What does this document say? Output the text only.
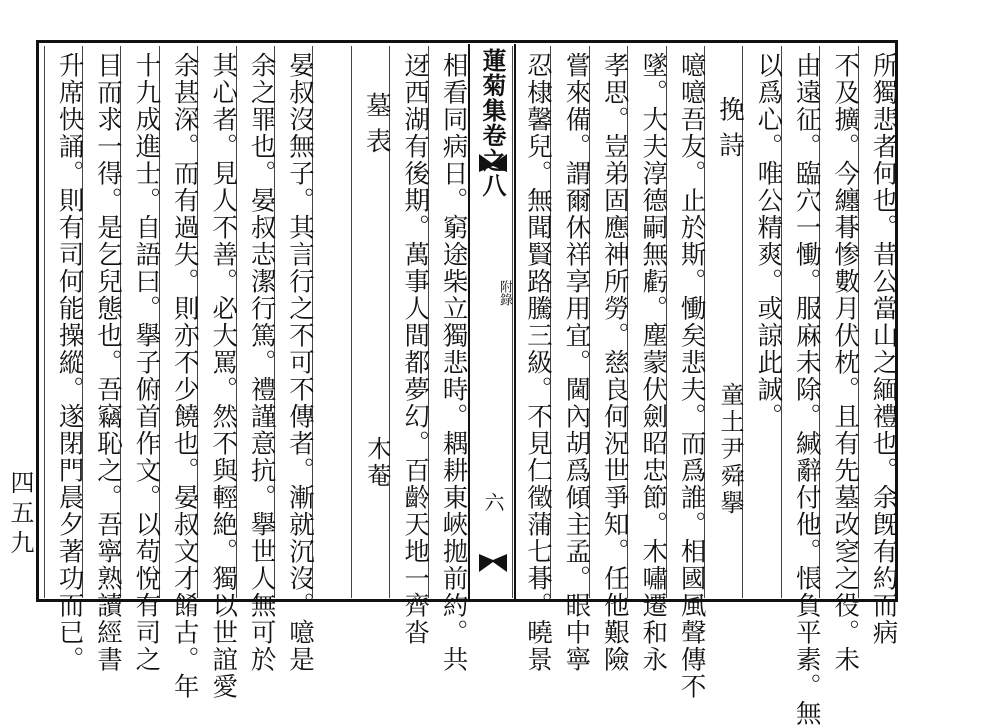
所獨悲者何也。昔公當山之緬禮也。余旣有約而病
不及擴。今纏朞惨數月伏枕。且有先墓改窆之役。未
由遠征。臨穴一慟。服麻未除。緘辭付他。悵負平素。無
以爲心。唯公精爽。或諒此誠。
噫噫吾友。止於斯。慟矣悲夫。而爲誰。相國風聲傳不
墜。大夫淳德嗣無虧。塵蒙伏劍昭忠節。木嘯遷和永
孝思。豈弟固應神所勞。慈良何況世爭知。任他艱險
嘗來備。謂爾休祥享用宜。閫內胡爲傾主孟。眼中寧
忍棣馨兒。無聞賢路騰三級。不見仁徵蒲七朞。曉景
蓮菊集卷之八
附錄
六
相看同病日。窮途柴立獨悲時。耦耕東峽拋前約。共
迓西湖有後期。萬事人間都夢幻。百齡天地一齊沓
晏叔沒無子。其言行之不可不傳者。漸就沉沒。噫是
余之罪也。晏叔志潔行篤。禮謹意抗。擧世人無可於
其心者。見人不善。必大罵。然不與輕絶。獨以世誼愛
余甚深。而有過失。則亦不少饒也。晏叔文才餚古。年
十九成進士。自語曰。擧子俯首作文。以苟悅有司之
目而求一得。是乞兒態也。吾竊恥之。吾寧熟讀經書
升席快誦。則有司何能操縱。遂閉門晨夕著功而已。
四五九
挽詩
童土尹舜擧
墓表
木菴
